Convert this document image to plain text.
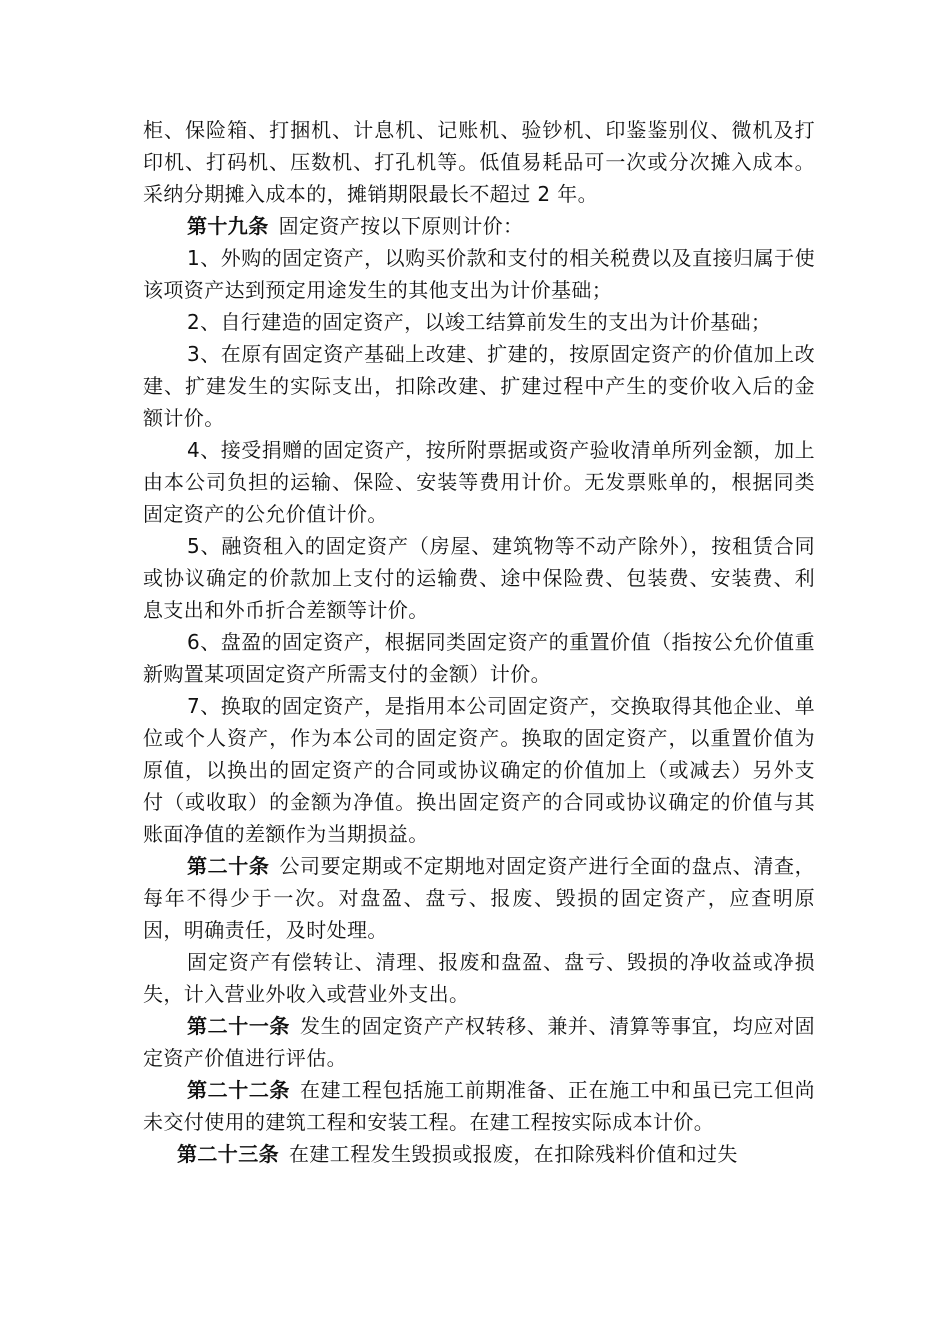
柜、保险箱、打捆机、计息机、记账机、验钞机、印鉴鉴别仪、微机及打印机、打码机、压数机、打孔机等。低值易耗品可一次或分次摊入成本。采纳分期摊入成本的，摊销期限最长不超过 2 年。

第十九条 固定资产按以下原则计价：

1、外购的固定资产，以购买价款和支付的相关税费以及直接归属于使该项资产达到预定用途发生的其他支出为计价基础；

2、自行建造的固定资产，以竣工结算前发生的支出为计价基础；

3、在原有固定资产基础上改建、扩建的，按原固定资产的价值加上改建、扩建发生的实际支出，扣除改建、扩建过程中产生的变价收入后的金额计价。

4、接受捐赠的固定资产，按所附票据或资产验收清单所列金额，加上由本公司负担的运输、保险、安装等费用计价。无发票账单的，根据同类固定资产的公允价值计价。

5、融资租入的固定资产（房屋、建筑物等不动产除外），按租赁合同或协议确定的价款加上支付的运输费、途中保险费、包装费、安装费、利息支出和外币折合差额等计价。

6、盘盈的固定资产，根据同类固定资产的重置价值（指按公允价值重新购置某项固定资产所需支付的金额）计价。

7、换取的固定资产，是指用本公司固定资产，交换取得其他企业、单位或个人资产，作为本公司的固定资产。换取的固定资产，以重置价值为原值，以换出的固定资产的合同或协议确定的价值加上（或减去）另外支付（或收取）的金额为净值。换出固定资产的合同或协议确定的价值与其账面净值的差额作为当期损益。

第二十条 公司要定期或不定期地对固定资产进行全面的盘点、清查，每年不得少于一次。对盘盈、盘亏、报废、毁损的固定资产，应查明原因，明确责任，及时处理。

固定资产有偿转让、清理、报废和盘盈、盘亏、毁损的净收益或净损失，计入营业外收入或营业外支出。

第二十一条 发生的固定资产产权转移、兼并、清算等事宜，均应对固定资产价值进行评估。

第二十二条 在建工程包括施工前期准备、正在施工中和虽已完工但尚未交付使用的建筑工程和安装工程。在建工程按实际成本计价。

第二十三条 在建工程发生毁损或报废，在扣除残料价值和过失
